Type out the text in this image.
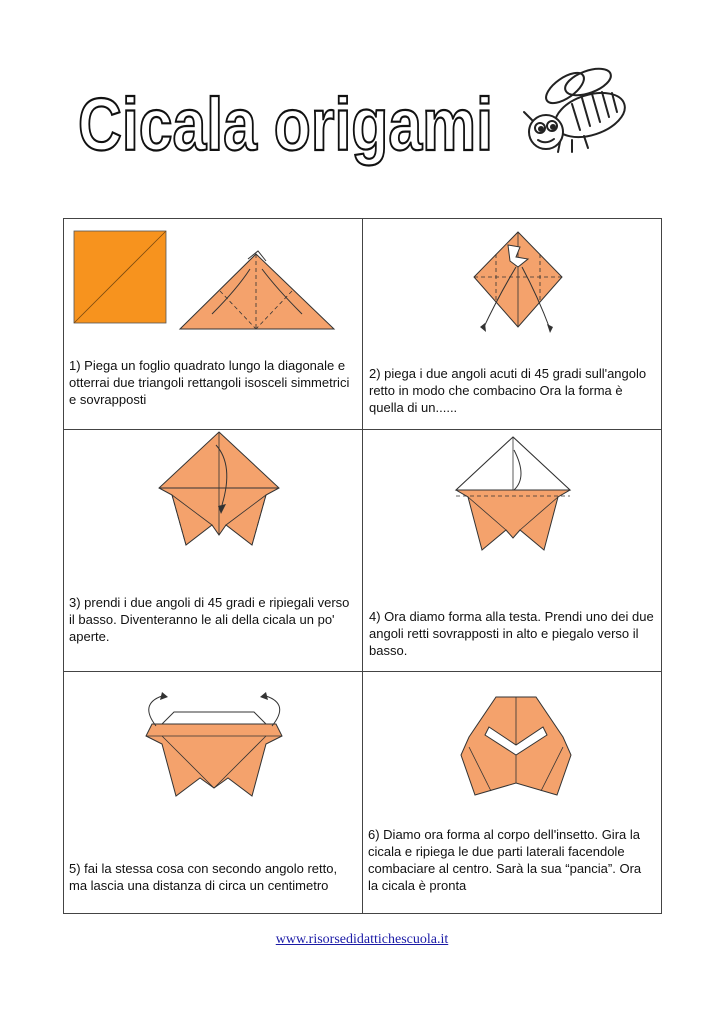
Cicala origami
1) Piega un foglio quadrato lungo la diagonale e otterrai due triangoli rettangoli isosceli simmetrici e sovrapposti
2) piega i due angoli acuti di 45 gradi sull'angolo retto in modo che combacino Ora la forma è quella di un......
3) prendi i due angoli di 45 gradi e ripiegali verso il basso. Diventeranno le ali della cicala un po' aperte.
4) Ora diamo forma alla testa. Prendi uno dei due angoli retti sovrapposti in alto e piegalo verso il basso.
5) fai la stessa cosa con secondo angolo retto, ma lascia una distanza di circa un centimetro
6) Diamo ora forma al corpo dell'insetto. Gira la cicala e ripiega le due parti laterali facendole combaciare al centro. Sarà la sua “pancia”. Ora la cicala è pronta
www.risorsedidattichescuola.it
